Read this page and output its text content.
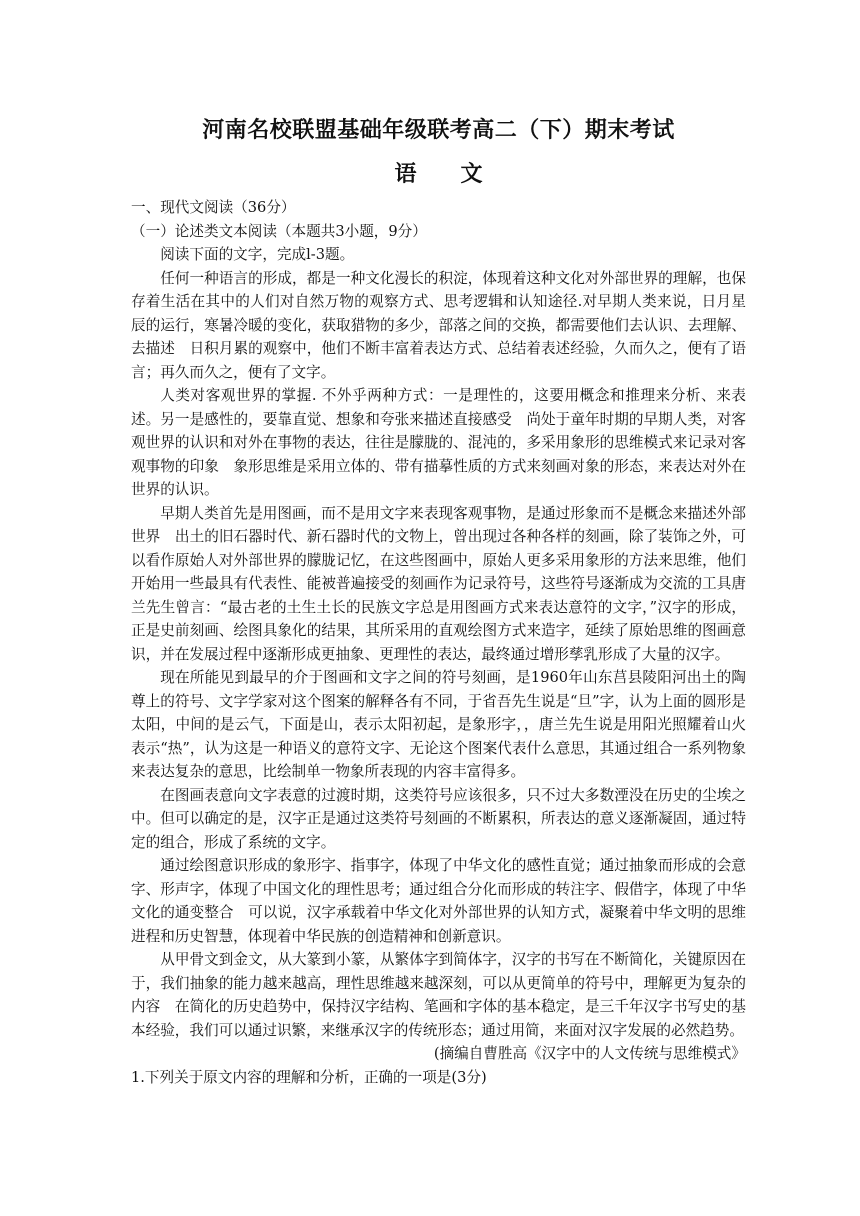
河南名校联盟基础年级联考高二（下）期末考试
语文

一、现代文阅读（36分）

（一）论述类文本阅读（本题共3小题，9分）

阅读下面的文字，完成l-3题。

任何一种语言的形成，都是一种文化漫长的积淀，体现着这种文化对外部世界的理解，也保存着生活在其中的人们对自然万物的观察方式、思考逻辑和认知途径.对早期人类来说，日月星辰的运行，寒暑冷暖的变化，获取猎物的多少，部落之间的交换，都需要他们去认识、去理解、去描述　日积月累的观察中，他们不断丰富着表达方式、总结着表述经验，久而久之，便有了语言；再久而久之，便有了文字。

人类对客观世界的掌握. 不外乎两种方式：一是理性的，这要用概念和推理来分析、来表述。另一是感性的，要靠直觉、想象和夸张来描述直接感受　尚处于童年时期的早期人类，对客观世界的认识和对外在事物的表达，往往是朦胧的、混沌的，多采用象形的思维模式来记录对客观事物的印象　象形思维是采用立体的、带有描摹性质的方式来刻画对象的形态，来表达对外在世界的认识。

早期人类首先是用图画，而不是用文字来表现客观事物，是通过形象而不是概念来描述外部世界　出土的旧石器时代、新石器时代的文物上，曾出现过各种各样的刻画，除了装饰之外，可以看作原始人对外部世界的朦胧记忆，在这些图画中，原始人更多采用象形的方法来思维，他们开始用一些最具有代表性、能被普遍接受的刻画作为记录符号，这些符号逐渐成为交流的工具唐兰先生曾言：“最古老的土生土长的民族文字总是用图画方式来表达意符的文字，”汉字的形成，正是史前刻画、绘图具象化的结果，其所采用的直观绘图方式来造字，延续了原始思维的图画意识，并在发展过程中逐渐形成更抽象、更理性的表达，最终通过增形孳乳形成了大量的汉字。

现在所能见到最早的介于图画和文字之间的符号刻画，是1960年山东莒县陵阳河出土的陶尊上的符号、文字学家对这个图案的解释各有不同，于省吾先生说是“旦”字，认为上面的圆形是太阳，中间的是云气，下面是山，表示太阳初起，是象形字，，唐兰先生说是用阳光照耀着山火表示“热”，认为这是一种语义的意符文字、无论这个图案代表什么意思，其通过组合一系列物象来表达复杂的意思，比绘制单一物象所表现的内容丰富得多。

在图画表意向文字表意的过渡时期，这类符号应该很多，只不过大多数湮没在历史的尘埃之中。但可以确定的是，汉字正是通过这类符号刻画的不断累积，所表达的意义逐渐凝固，通过特定的组合，形成了系统的文字。

通过绘图意识形成的象形字、指事字，体现了中华文化的感性直觉；通过抽象而形成的会意字、形声字，体现了中国文化的理性思考；通过组合分化而形成的转注字、假借字，体现了中华文化的通变整合　可以说，汉字承载着中华文化对外部世界的认知方式，凝聚着中华文明的思维进程和历史智慧，体现着中华民族的创造精神和创新意识。

从甲骨文到金文，从大篆到小篆，从繁体字到简体字，汉字的书写在不断简化，关键原因在于，我们抽象的能力越来越高，理性思维越来越深刻，可以从更简单的符号中，理解更为复杂的内容　在简化的历史趋势中，保持汉字结构、笔画和字体的基本稳定，是三千年汉字书写史的基本经验，我们可以通过识繁，来继承汉字的传统形态；通过用简，来面对汉字发展的必然趋势。

(摘编自曹胜高《汉字中的人文传统与思维模式》

1.下列关于原文内容的理解和分析，正确的一项是(3分)
